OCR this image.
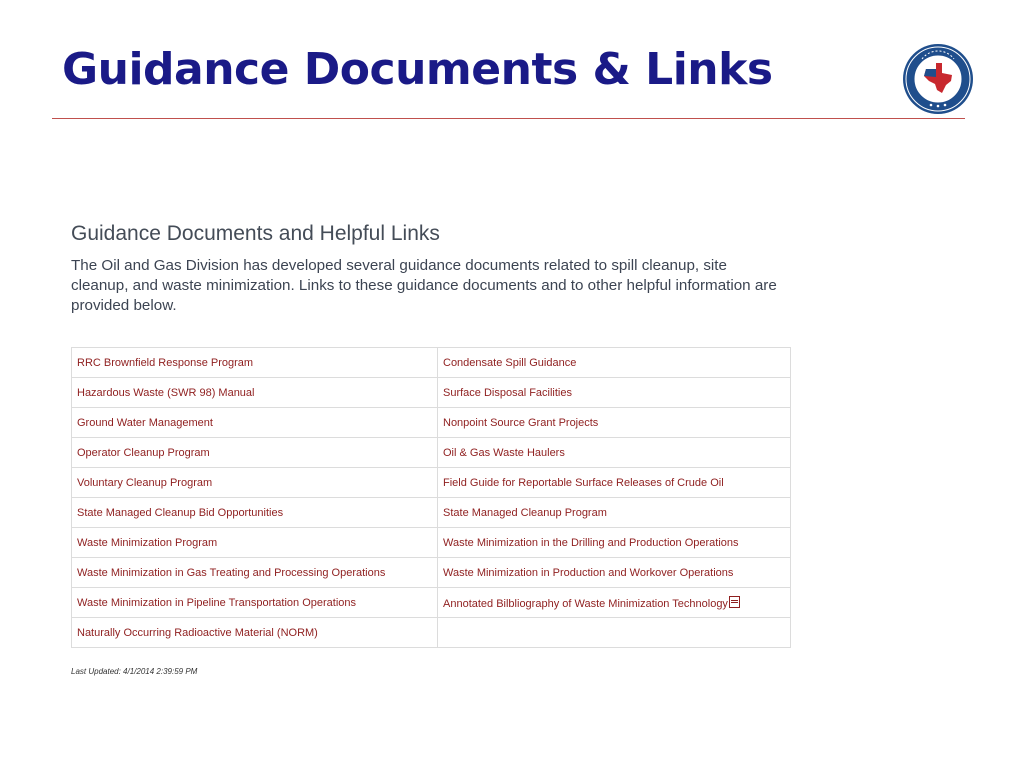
Guidance Documents & Links
Guidance Documents and Helpful Links

The Oil and Gas Division has developed several guidance documents related to spill cleanup, site cleanup, and waste minimization. Links to these guidance documents and to other helpful information are provided below.

RRC Brownfield Response Program	Condensate Spill Guidance
Hazardous Waste (SWR 98) Manual	Surface Disposal Facilities
Ground Water Management	Nonpoint Source Grant Projects
Operator Cleanup Program	Oil & Gas Waste Haulers
Voluntary Cleanup Program	Field Guide for Reportable Surface Releases of Crude Oil
State Managed Cleanup Bid Opportunities	State Managed Cleanup Program
Waste Minimization Program	Waste Minimization in the Drilling and Production Operations
Waste Minimization in Gas Treating and Processing Operations	Waste Minimization in Production and Workover Operations
Waste Minimization in Pipeline Transportation Operations	Annotated Bilbliography of Waste Minimization Technology
Naturally Occurring Radioactive Material (NORM)	
Last Updated: 4/1/2014 2:39:59 PM
